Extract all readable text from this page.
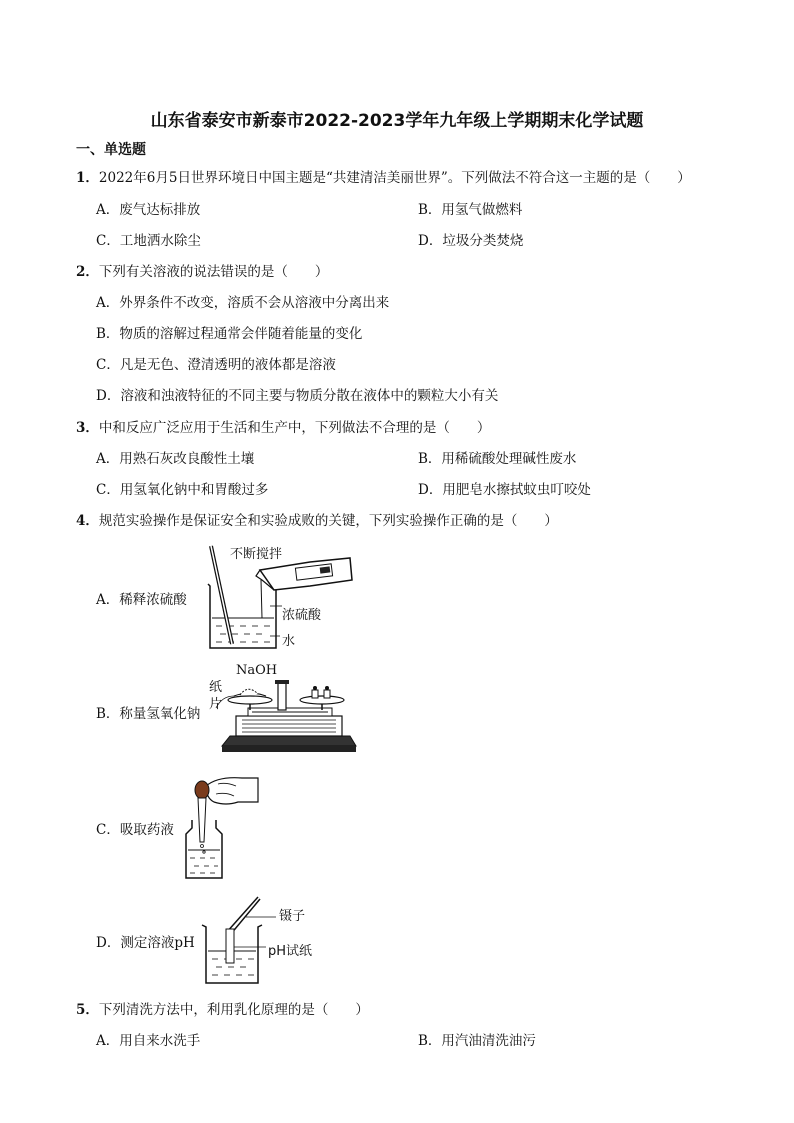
山东省泰安市新泰市2022-2023学年九年级上学期期末化学试题
一、单选题
1．2022年6月5日世界环境日中国主题是“共建清洁美丽世界”。下列做法不符合这一主题的是（　　）
A．废气达标排放	B．用氢气做燃料
C．工地洒水除尘	D．垃圾分类焚烧
2．下列有关溶液的说法错误的是（　　）
A．外界条件不改变，溶质不会从溶液中分离出来
B．物质的溶解过程通常会伴随着能量的变化
C．凡是无色、澄清透明的液体都是溶液
D．溶液和浊液特征的不同主要与物质分散在液体中的颗粒大小有关
3．中和反应广泛应用于生活和生产中，下列做法不合理的是（　　）
A．用熟石灰改良酸性土壤	B．用稀硫酸处理碱性废水
C．用氢氧化钠中和胃酸过多	D．用肥皂水擦拭蚊虫叮咬处
4．规范实验操作是保证安全和实验成败的关键，下列实验操作正确的是（　　）
A．稀释浓硫酸
不断搅拌
浓硫酸
水
B．称量氢氧化钠
NaOH
纸
片
C．吸取药液
D．测定溶液pH
镊子
pH试纸
5．下列清洗方法中，利用乳化原理的是（　　）
A．用自来水洗手	B．用汽油清洗油污
